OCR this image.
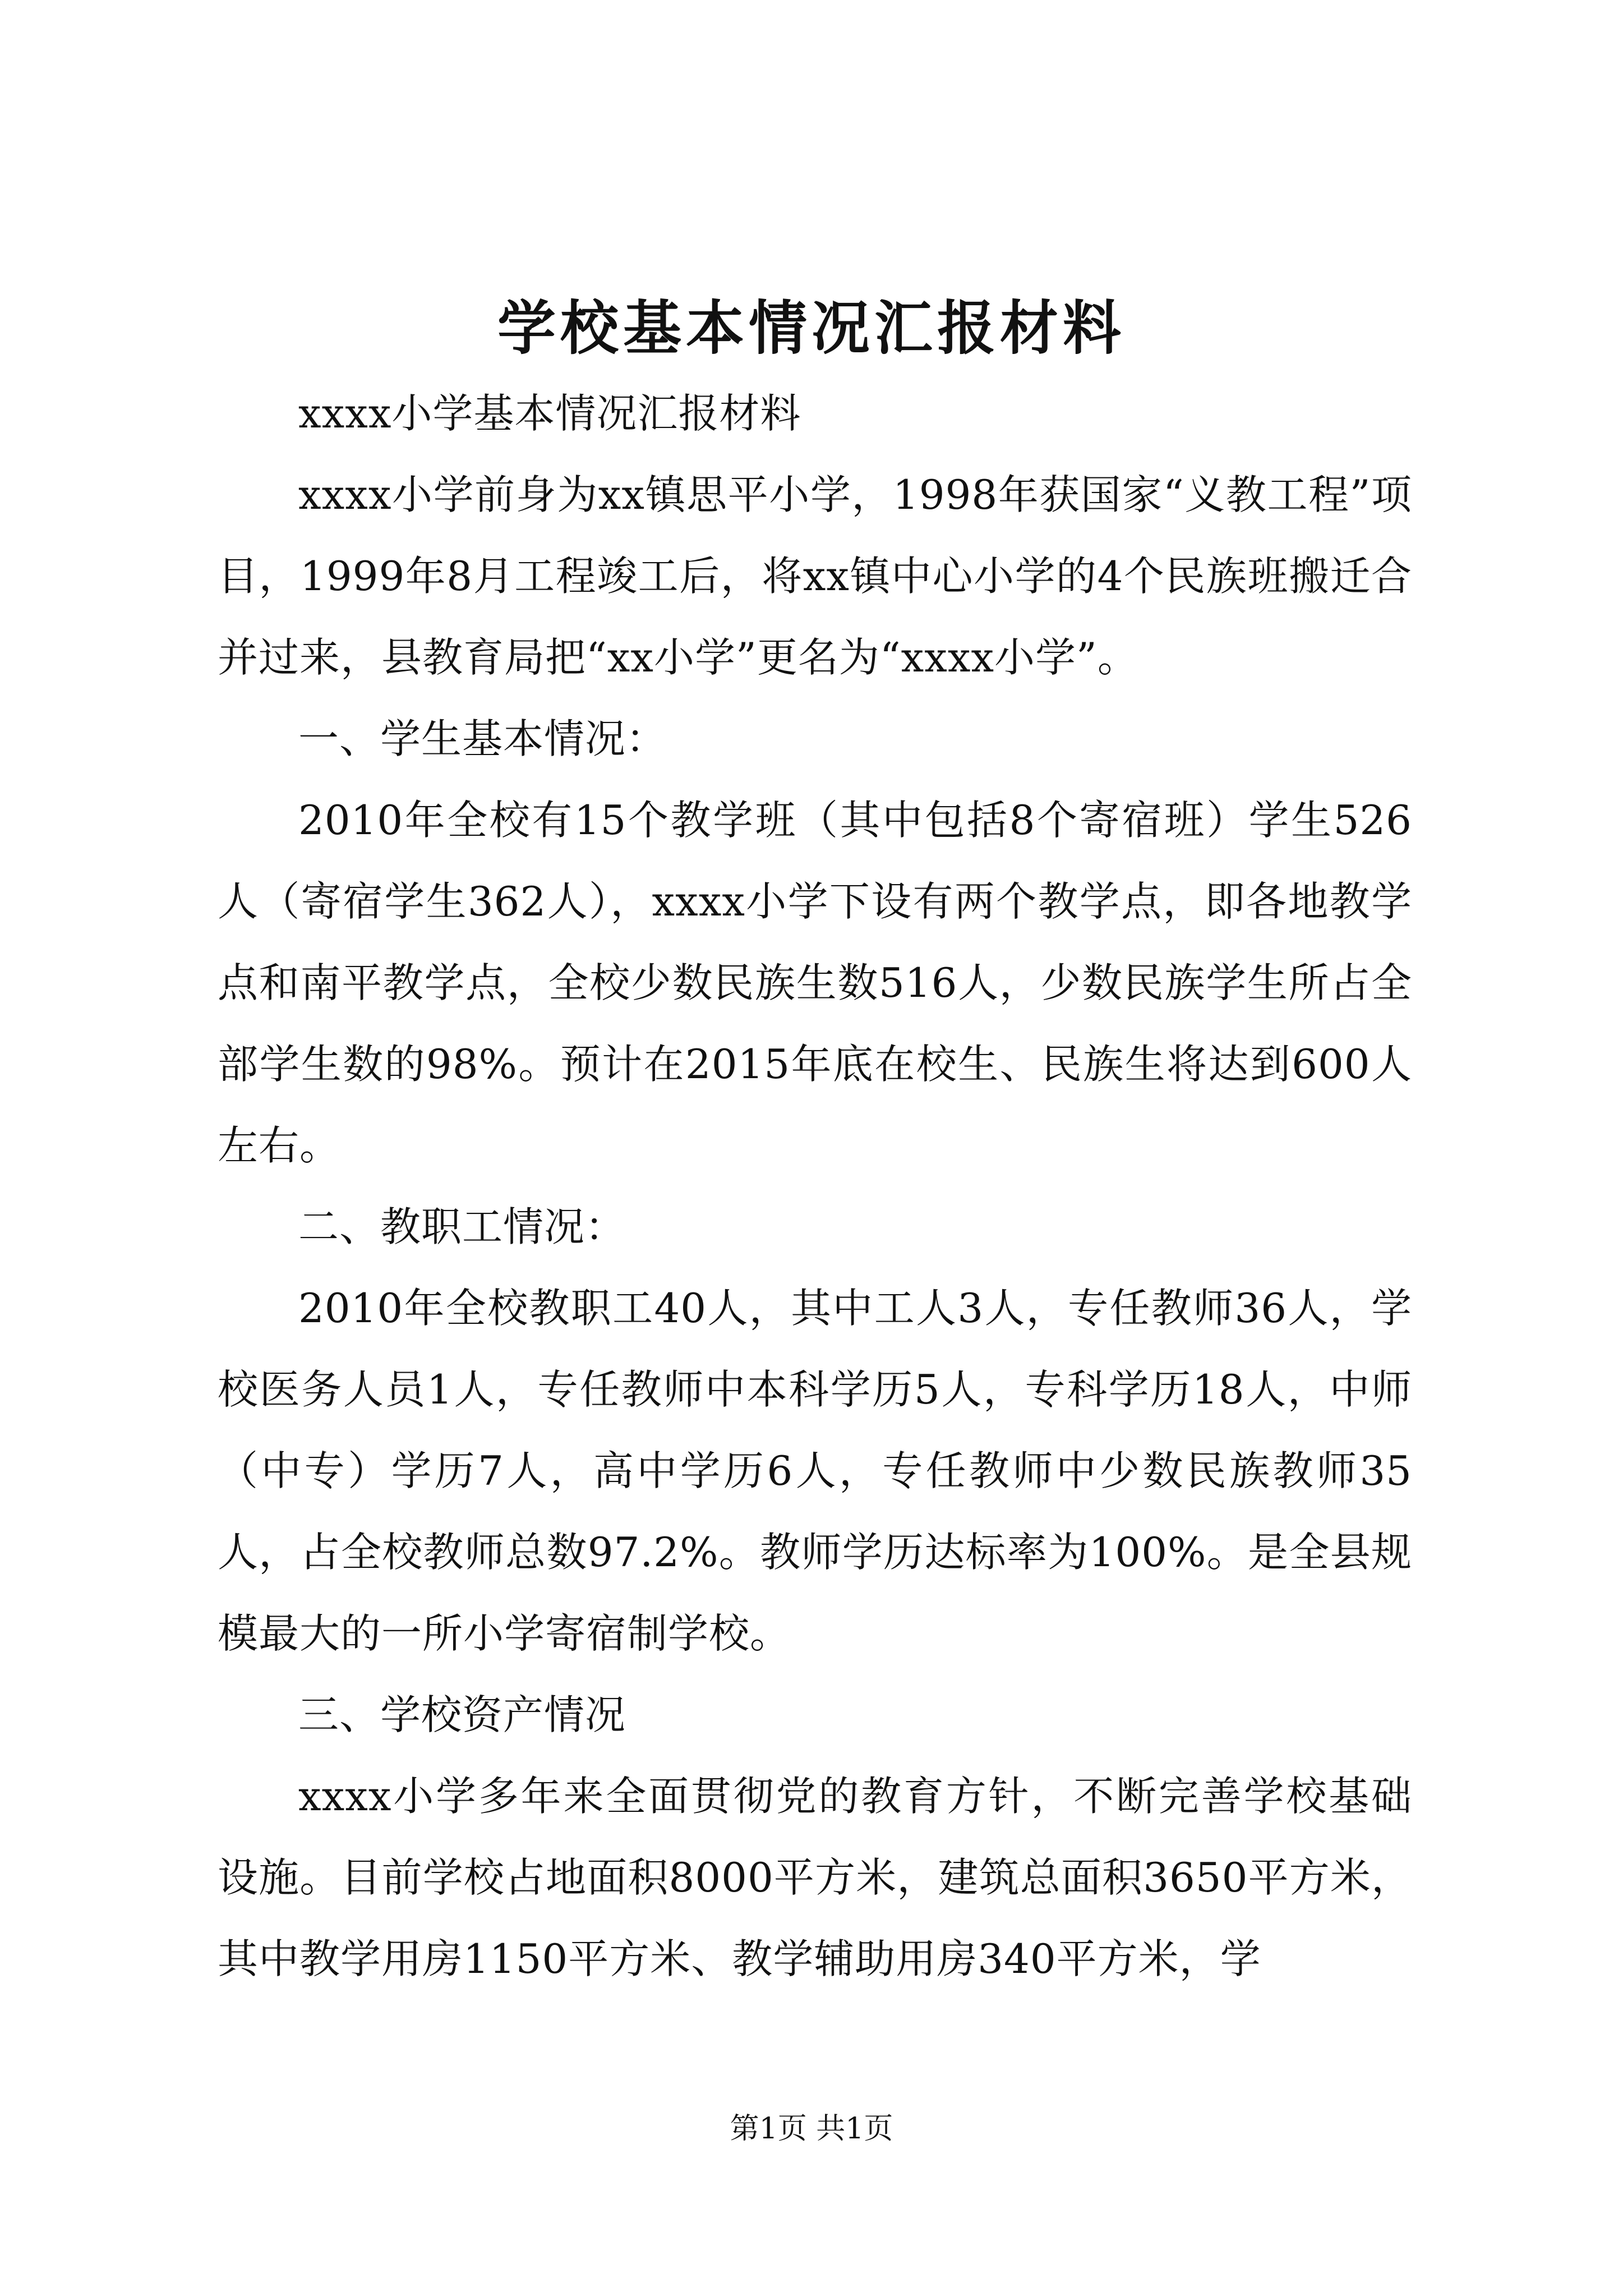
学校基本情况汇报材料

xxxx小学基本情况汇报材料

xxxx小学前身为xx镇思平小学，1998年获国家“义教工程”项目，1999年8月工程竣工后，将xx镇中心小学的4个民族班搬迁合并过来，县教育局把“xx小学”更名为“xxxx小学”。

一、学生基本情况：

2010年全校有15个教学班（其中包括8个寄宿班）学生526人（寄宿学生362人），xxxx小学下设有两个教学点，即各地教学点和南平教学点，全校少数民族生数516人，少数民族学生所占全部学生数的98%。预计在2015年底在校生、民族生将达到600人左右。

二、教职工情况：

2010年全校教职工40人，其中工人3人，专任教师36人，学校医务人员1人，专任教师中本科学历5人，专科学历18人，中师（中专）学历7人，高中学历6人，专任教师中少数民族教师35人，占全校教师总数97.2%。教师学历达标率为100%。是全县规模最大的一所小学寄宿制学校。

三、学校资产情况

xxxx小学多年来全面贯彻党的教育方针，不断完善学校基础设施。目前学校占地面积8000平方米，建筑总面积3650平方米，其中教学用房1150平方米、教学辅助用房340平方米，学

第1页 共1页
